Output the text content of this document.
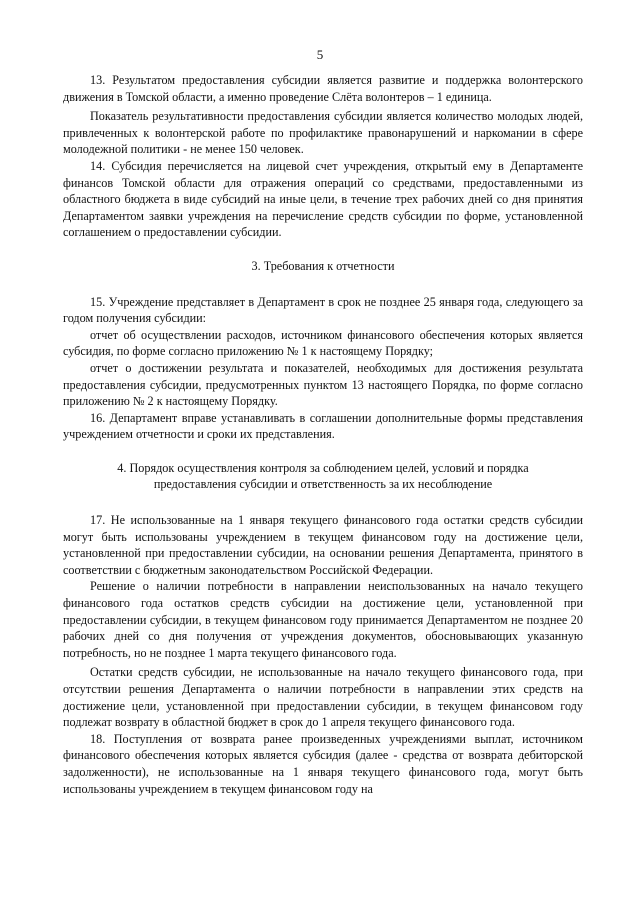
5

13. Результатом предоставления субсидии является развитие и поддержка волонтерского движения в Томской области, а именно проведение Слёта волонтеров – 1 единица.

Показатель результативности предоставления субсидии является количество молодых людей, привлеченных к волонтерской работе по профилактике правонарушений и наркомании в сфере молодежной политики - не менее 150 человек.

14. Субсидия перечисляется на лицевой счет учреждения, открытый ему в Департаменте финансов Томской области для отражения операций со средствами, предоставленными из областного бюджета в виде субсидий на иные цели, в течение трех рабочих дней со дня принятия Департаментом заявки учреждения на перечисление средств субсидии по форме, установленной соглашением о предоставлении субсидии.

3. Требования к отчетности

15. Учреждение представляет в Департамент в срок не позднее 25 января года, следующего за годом получения субсидии:

отчет об осуществлении расходов, источником финансового обеспечения которых является субсидия, по форме согласно приложению № 1 к настоящему Порядку;

отчет о достижении результата и показателей, необходимых для достижения результата предоставления субсидии, предусмотренных пунктом 13 настоящего Порядка, по форме согласно приложению № 2 к настоящему Порядку.

16. Департамент вправе устанавливать в соглашении дополнительные формы представления учреждением отчетности и сроки их представления.

4. Порядок осуществления контроля за соблюдением целей, условий и порядка

предоставления субсидии и ответственность за их несоблюдение

17. Не использованные на 1 января текущего финансового года остатки средств субсидии могут быть использованы учреждением в текущем финансовом году на достижение цели, установленной при предоставлении субсидии, на основании решения Департамента, принятого в соответствии с бюджетным законодательством Российской Федерации.

Решение о наличии потребности в направлении неиспользованных на начало текущего финансового года остатков средств субсидии на достижение цели, установленной при предоставлении субсидии, в текущем финансовом году принимается Департаментом не позднее 20 рабочих дней со дня получения от учреждения документов, обосновывающих указанную потребность, но не позднее 1 марта текущего финансового года.

Остатки средств субсидии, не использованные на начало текущего финансового года, при отсутствии решения Департамента о наличии потребности в направлении этих средств на достижение цели, установленной при предоставлении субсидии, в текущем финансовом году подлежат возврату в областной бюджет в срок до 1 апреля текущего финансового года.

18. Поступления от возврата ранее произведенных учреждениями выплат, источником финансового обеспечения которых является субсидия (далее - средства от возврата дебиторской задолженности), не использованные на 1 января текущего финансового года, могут быть использованы учреждением в текущем финансовом году на
